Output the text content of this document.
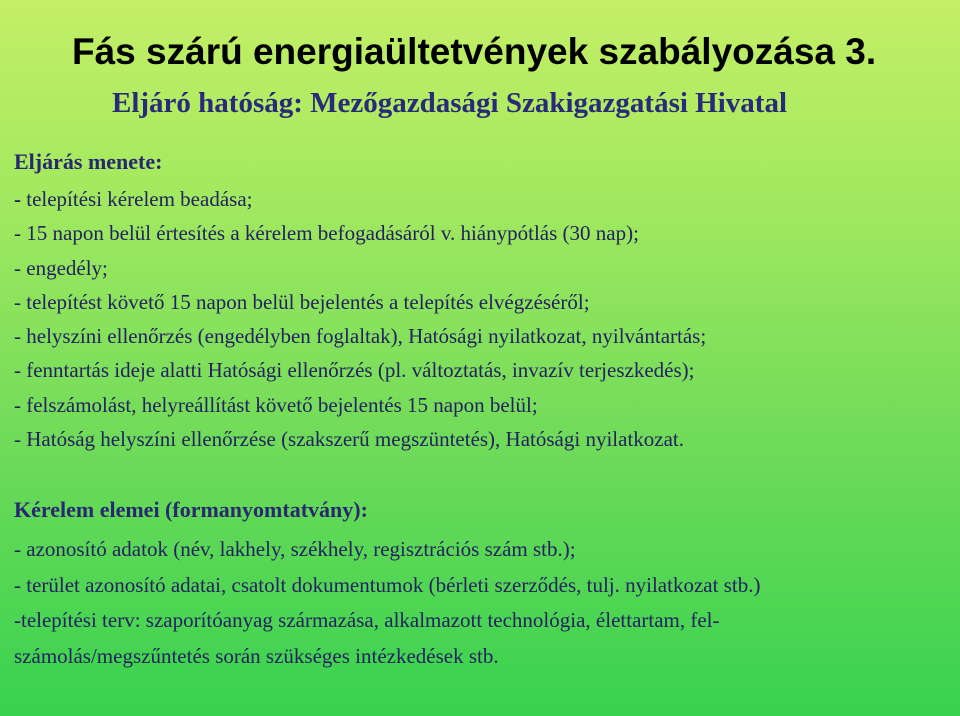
Fás szárú energiaültetvények szabályozása 3.
Eljáró hatóság: Mezőgazdasági Szakigazgatási Hivatal
Eljárás menete:
- telepítési kérelem beadása;
- 15 napon belül értesítés a kérelem befogadásáról v. hiánypótlás (30 nap);
- engedély;
- telepítést követő 15 napon belül bejelentés a telepítés elvégzéséről;
- helyszíni ellenőrzés (engedélyben foglaltak), Hatósági nyilatkozat, nyilvántartás;
- fenntartás ideje alatti Hatósági ellenőrzés (pl. változtatás, invazív terjeszkedés);
- felszámolást, helyreállítást követő bejelentés 15 napon belül;
- Hatóság helyszíni ellenőrzése (szakszerű megszüntetés), Hatósági nyilatkozat.
Kérelem elemei (formanyomtatvány):
- azonosító adatok (név, lakhely, székhely, regisztrációs szám stb.);
- terület azonosító adatai, csatolt dokumentumok (bérleti szerződés, tulj. nyilatkozat stb.)
-telepítési terv: szaporítóanyag származása, alkalmazott technológia, élettartam, fel-
számolás/megszűntetés során szükséges intézkedések stb.
